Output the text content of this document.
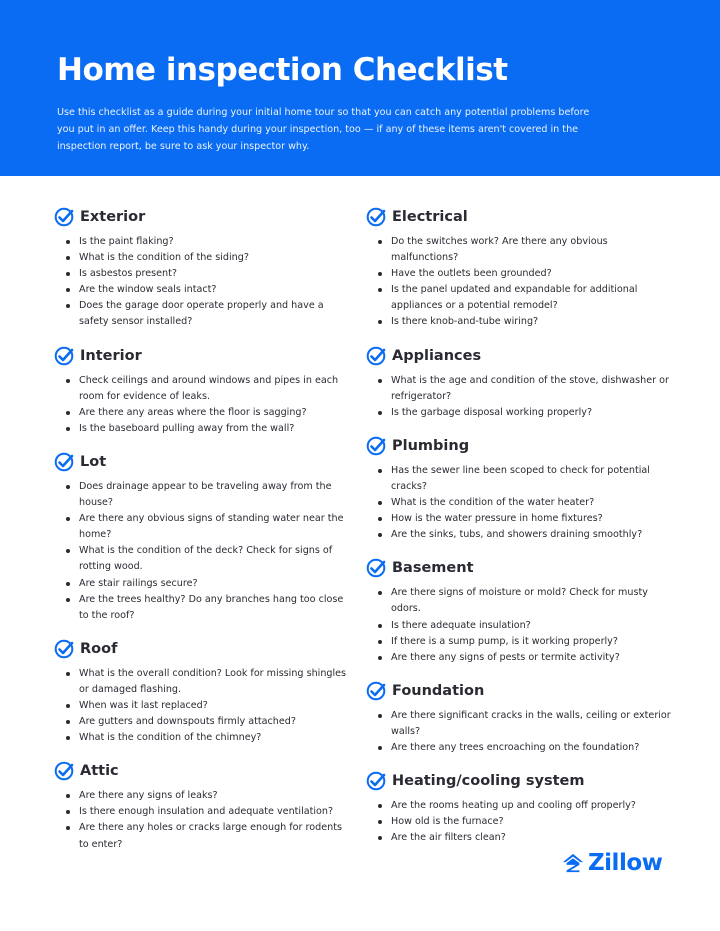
Home inspection Checklist

Use this checklist as a guide during your initial home tour so that you can catch any potential problems before you put in an offer. Keep this handy during your inspection, too — if any of these items aren't covered in the inspection report, be sure to ask your inspector why.

Exterior
Is the paint flaking?
What is the condition of the siding?
Is asbestos present?
Are the window seals intact?
Does the garage door operate properly and have a safety sensor installed?
Interior
Check ceilings and around windows and pipes in each room for evidence of leaks.
Are there any areas where the floor is sagging?
Is the baseboard pulling away from the wall?
Lot
Does drainage appear to be traveling away from the house?
Are there any obvious signs of standing water near the home?
What is the condition of the deck? Check for signs of rotting wood.
Are stair railings secure?
Are the trees healthy? Do any branches hang too close to the roof?
Roof
What is the overall condition? Look for missing shingles or damaged flashing.
When was it last replaced?
Are gutters and downspouts firmly attached?
What is the condition of the chimney?
Attic
Are there any signs of leaks?
Is there enough insulation and adequate ventilation?
Are there any holes or cracks large enough for rodents to enter?
Electrical
Do the switches work? Are there any obvious malfunctions?
Have the outlets been grounded?
Is the panel updated and expandable for additional appliances or a potential remodel?
Is there knob-and-tube wiring?
Appliances
What is the age and condition of the stove, dishwasher or refrigerator?
Is the garbage disposal working properly?
Plumbing
Has the sewer line been scoped to check for potential cracks?
What is the condition of the water heater?
How is the water pressure in home fixtures?
Are the sinks, tubs, and showers draining smoothly?
Basement
Are there signs of moisture or mold? Check for musty odors.
Is there adequate insulation?
If there is a sump pump, is it working properly?
Are there any signs of pests or termite activity?
Foundation
Are there significant cracks in the walls, ceiling or exterior walls?
Are there any trees encroaching on the foundation?
Heating/cooling system
Are the rooms heating up and cooling off properly?
How old is the furnace?
Are the air filters clean?
Zillow
